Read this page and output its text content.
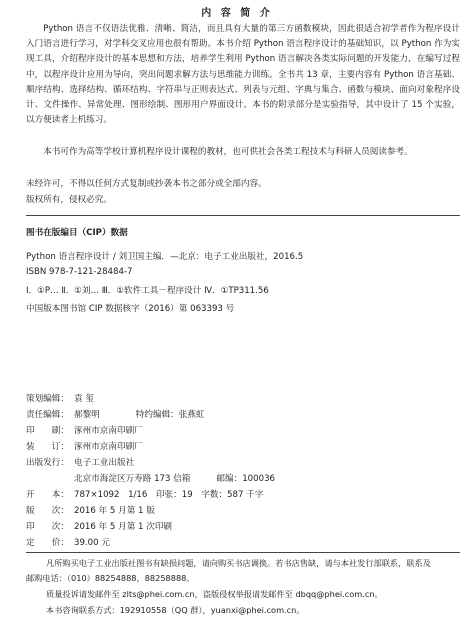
内 容 简 介
Python 语言不仅语法优雅、清晰、简洁，而且具有大量的第三方函数模块，因此很适合初学者作为程序设计入门语言进行学习，对学科交叉应用也很有帮助。本书介绍 Python 语言程序设计的基础知识，以 Python 作为实现工具，介绍程序设计的基本思想和方法，培养学生利用 Python 语言解决各类实际问题的开发能力，在编写过程中，以程序设计应用为导向，突出问题求解方法与思维能力训练。全书共 13 章，主要内容有 Python 语言基础、顺序结构、选择结构、循环结构、字符串与正则表达式、列表与元组、字典与集合、函数与模块、面向对象程序设计、文件操作、异常处理、图形绘制、图形用户界面设计。本书的附录部分是实验指导，其中设计了 15 个实验，以方便读者上机练习。
本书可作为高等学校计算机程序设计课程的教材，也可供社会各类工程技术与科研人员阅读参考。
未经许可，不得以任何方式复制或抄袭本书之部分或全部内容。
版权所有，侵权必究。
图书在版编目（CIP）数据
Python 语言程序设计 / 刘卫国主编．—北京：电子工业出版社，2016.5
ISBN 978-7-121-28484-7
Ⅰ．①P… Ⅱ．①刘… Ⅲ．①软件工具－程序设计 Ⅳ．①TP311.56
中国版本图书馆 CIP 数据核字（2016）第 063393 号
策划编辑： 袁 玺
责任编辑： 郝黎明	特约编辑：张燕虹
印　　刷： 涿州市京南印刷厂
装　　订： 涿州市京南印刷厂
出版发行： 电子工业出版社
北京市海淀区万寿路 173 信箱	邮编：100036
开　　本： 787×1092　1/16　印张：19　字数：587 千字
版　　次： 2016 年 5 月第 1 版
印　　次： 2016 年 5 月第 1 次印刷
定　　价： 39.00 元
凡所购买电子工业出版社图书有缺损问题，请向购买书店调换。若书店售缺，请与本社发行部联系，联系及
邮购电话：（010）88254888，88258888。
质量投诉请发邮件至 zlts@phei.com.cn，盗版侵权举报请发邮件至 dbqq@phei.com.cn。
本书咨询联系方式：192910558（QQ 群），yuanxi@phei.com.cn。
